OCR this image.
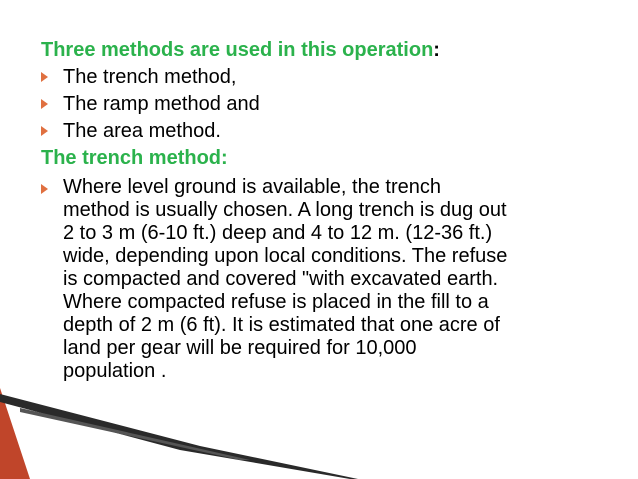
Three methods are used in this operation:
The trench method,
The ramp method and
The area method.
The trench method:
Where level ground is available, the trench
method is usually chosen. A long trench is dug out
2 to 3 m (6-10 ft.) deep and 4 to 12 m. (12-36 ft.)
wide, depending upon local conditions. The refuse
is compacted and covered "with excavated earth.
Where compacted refuse is placed in the fill to a
depth of 2 m (6 ft). It is estimated that one acre of
land per gear will be required for 10,000
population .
